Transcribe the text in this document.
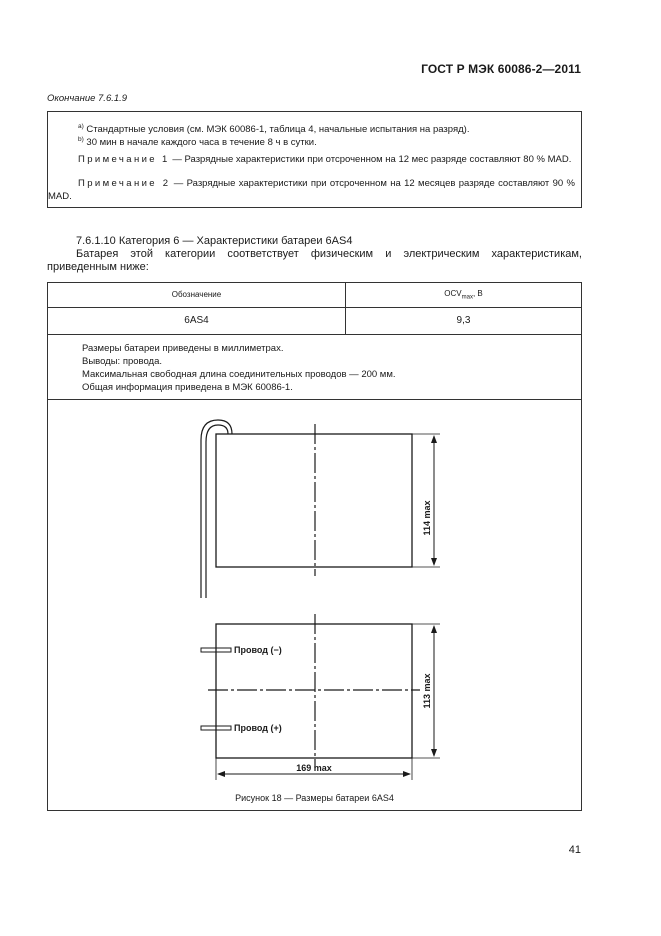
ГОСТ Р МЭК 60086-2—2011
Окончание 7.6.1.9
$^{a)}$ Стандартные условия (см. МЭК 60086-1, таблица 4, начальные испытания на разряд).
$^{b)}$ 30 мин в начале каждого часа в течение 8 ч в сутки.
Примечание 1 — Разрядные характеристики при отсроченном на 12 мес разряде составляют 80 % MAD.
Примечание 2 — Разрядные характеристики при отсроченном на 12 месяцев разряде составляют 90 % MAD.
7.6.1.10 Категория 6 — Характеристики батареи 6AS4
Батарея этой категории соответствует физическим и электрическим характеристикам, приведенным ниже:
Обозначение	$OCV_{max}$, В
6AS4	9,3
Размеры батареи приведены в миллиметрах.
Выводы: провода.
Максимальная свободная длина соединительных проводов — 200 мм.
Общая информация приведена в МЭК 60086-1.
114 max
113 max
169 max
Провод (−)
Провод (+)
Рисунок 18 — Размеры батареи 6AS4
41
